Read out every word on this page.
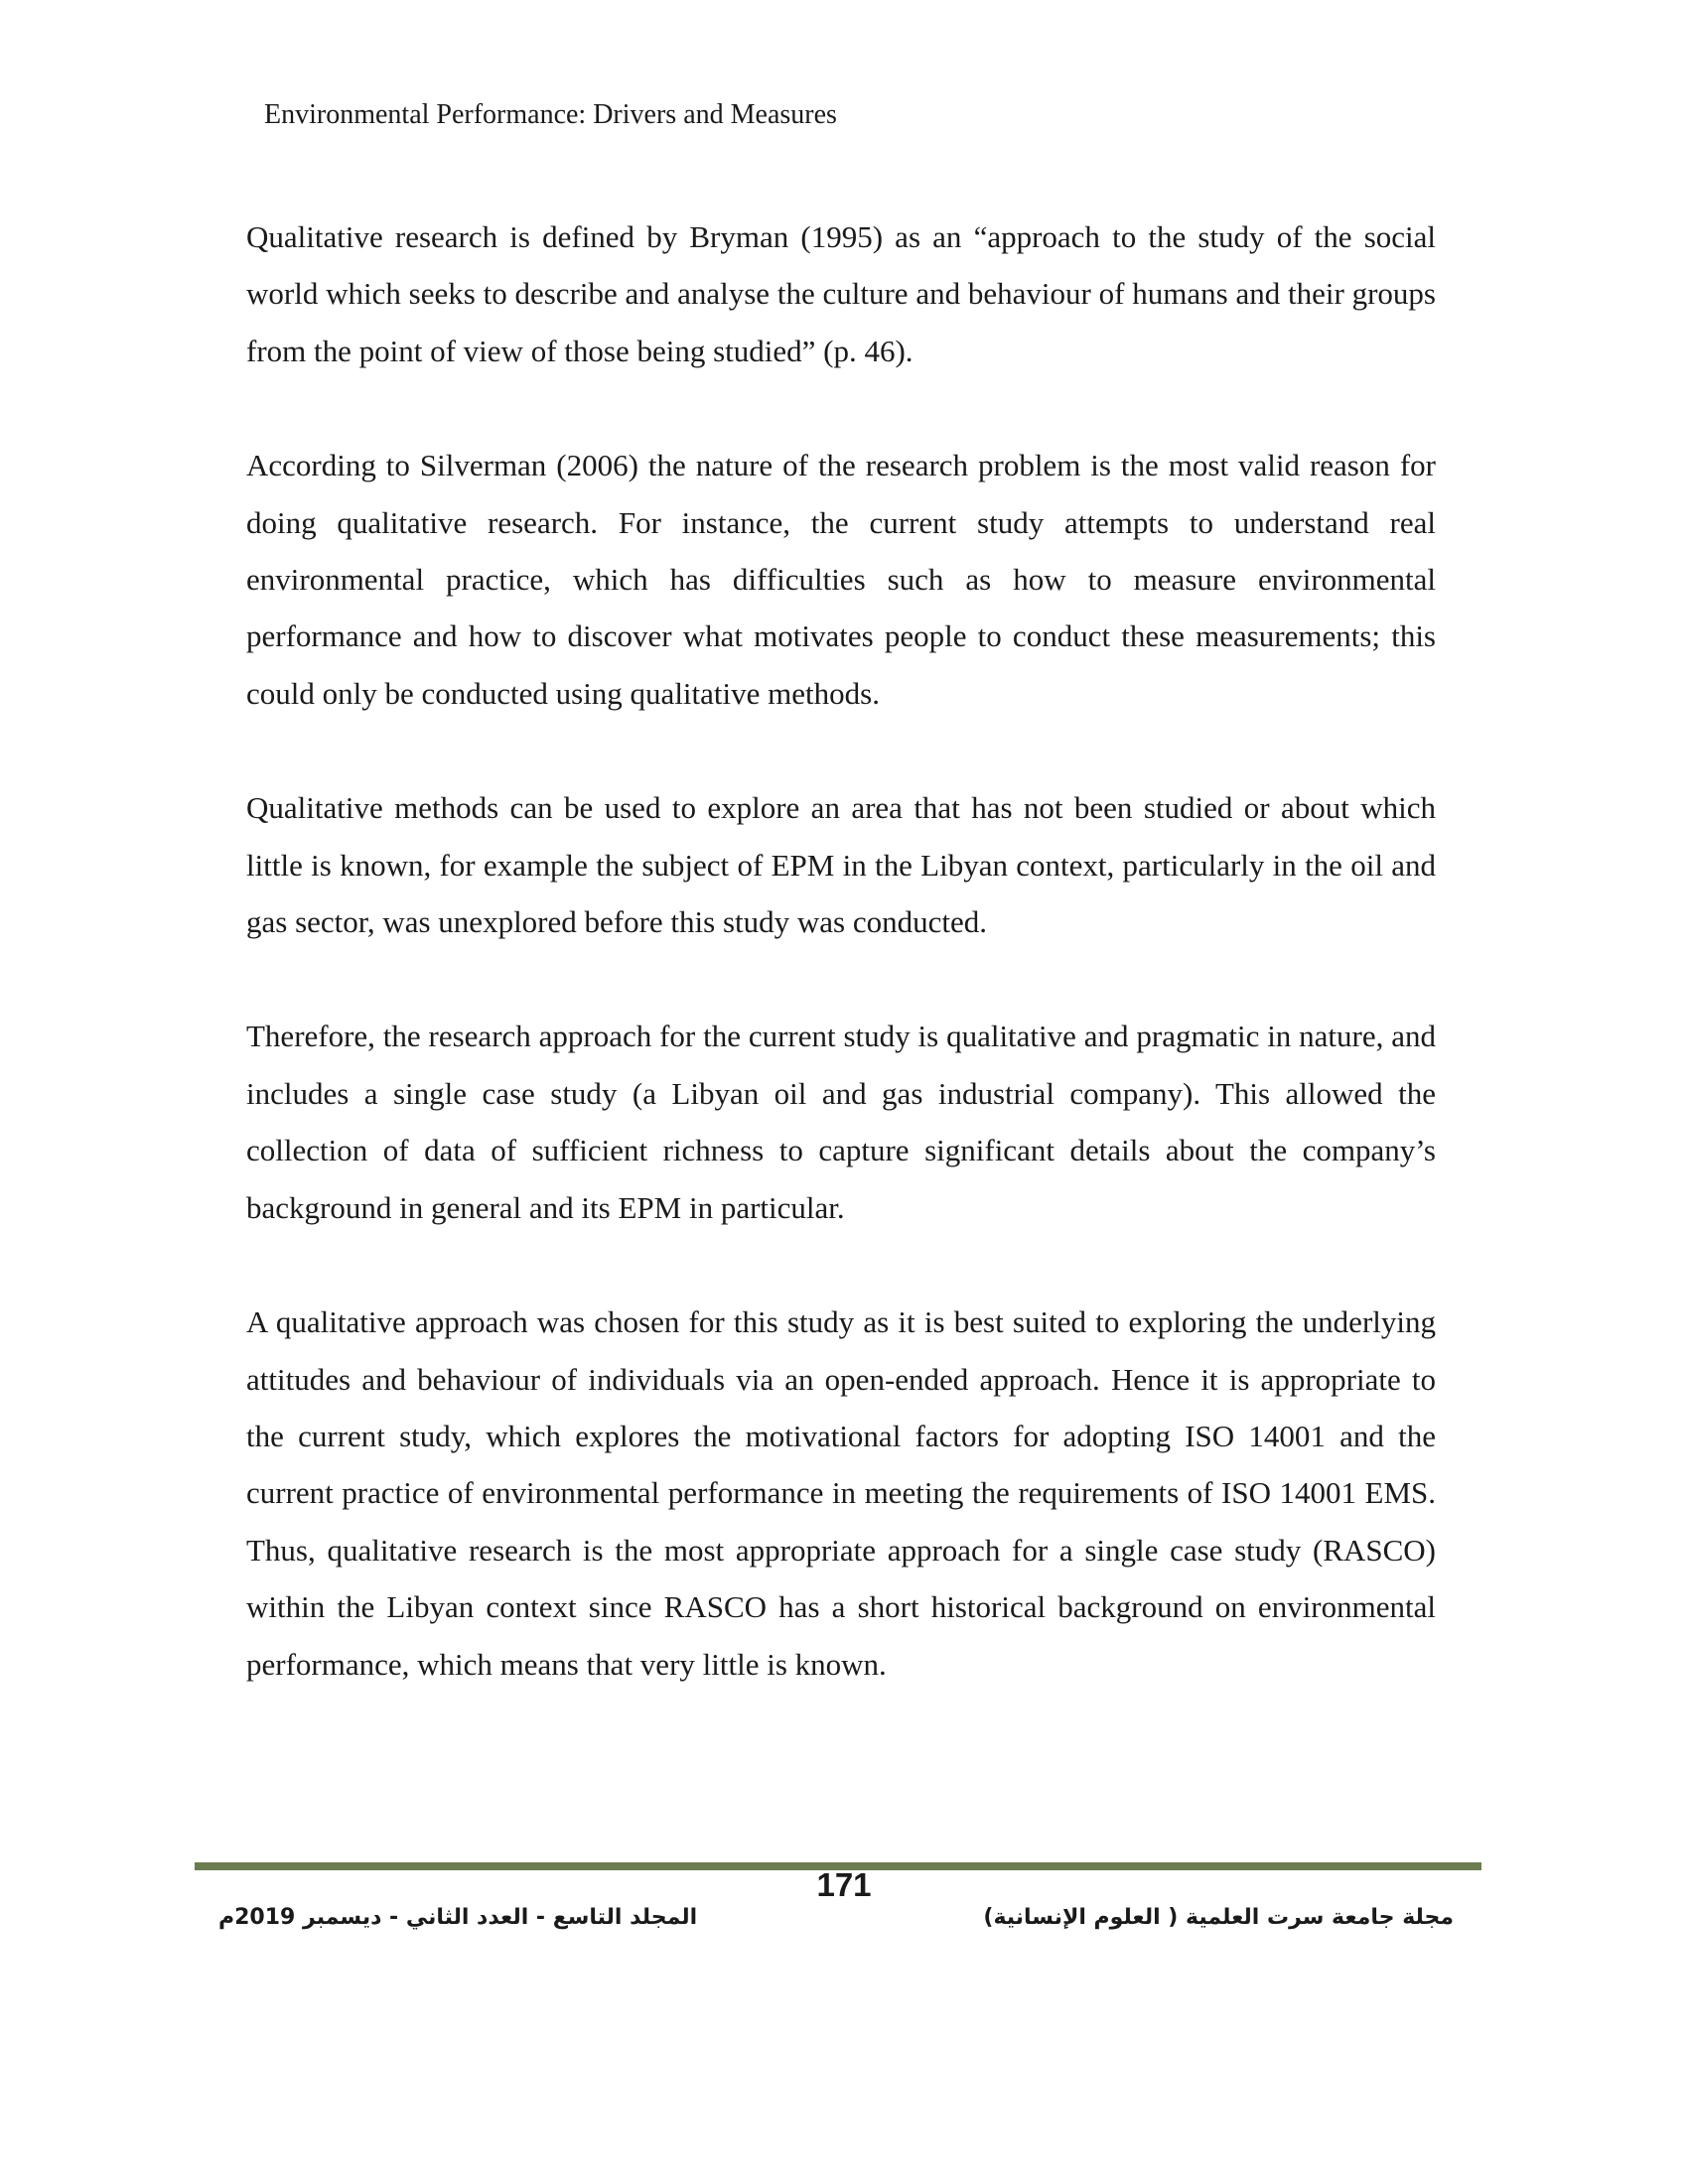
Environmental Performance: Drivers and Measures

Qualitative research is defined by Bryman (1995) as an “approach to the study of the social world which seeks to describe and analyse the culture and behaviour of humans and their groups from the point of view of those being studied” (p. 46).

According to Silverman (2006) the nature of the research problem is the most valid reason for doing qualitative research. For instance, the current study attempts to understand real environmental practice, which has difficulties such as how to measure environmental performance and how to discover what motivates people to conduct these measurements; this could only be conducted using qualitative methods.

Qualitative methods can be used to explore an area that has not been studied or about which little is known, for example the subject of EPM in the Libyan context, particularly in the oil and gas sector, was unexplored before this study was conducted.

Therefore, the research approach for the current study is qualitative and pragmatic in nature, and includes a single case study (a Libyan oil and gas industrial company). This allowed the collection of data of sufficient richness to capture significant details about the company’s background in general and its EPM in particular.

A qualitative approach was chosen for this study as it is best suited to exploring the underlying attitudes and behaviour of individuals via an open-ended approach. Hence it is appropriate to the current study, which explores the motivational factors for adopting ISO 14001 and the current practice of environmental performance in meeting the requirements of ISO 14001 EMS. Thus, qualitative research is the most appropriate approach for a single case study (RASCO) within the Libyan context since RASCO has a short historical background on environmental performance, which means that very little is known.

171
المجلد التاسع - العدد الثاني - ديسمبر 2019م	مجلة جامعة سرت العلمية ( العلوم الإنسانية)
